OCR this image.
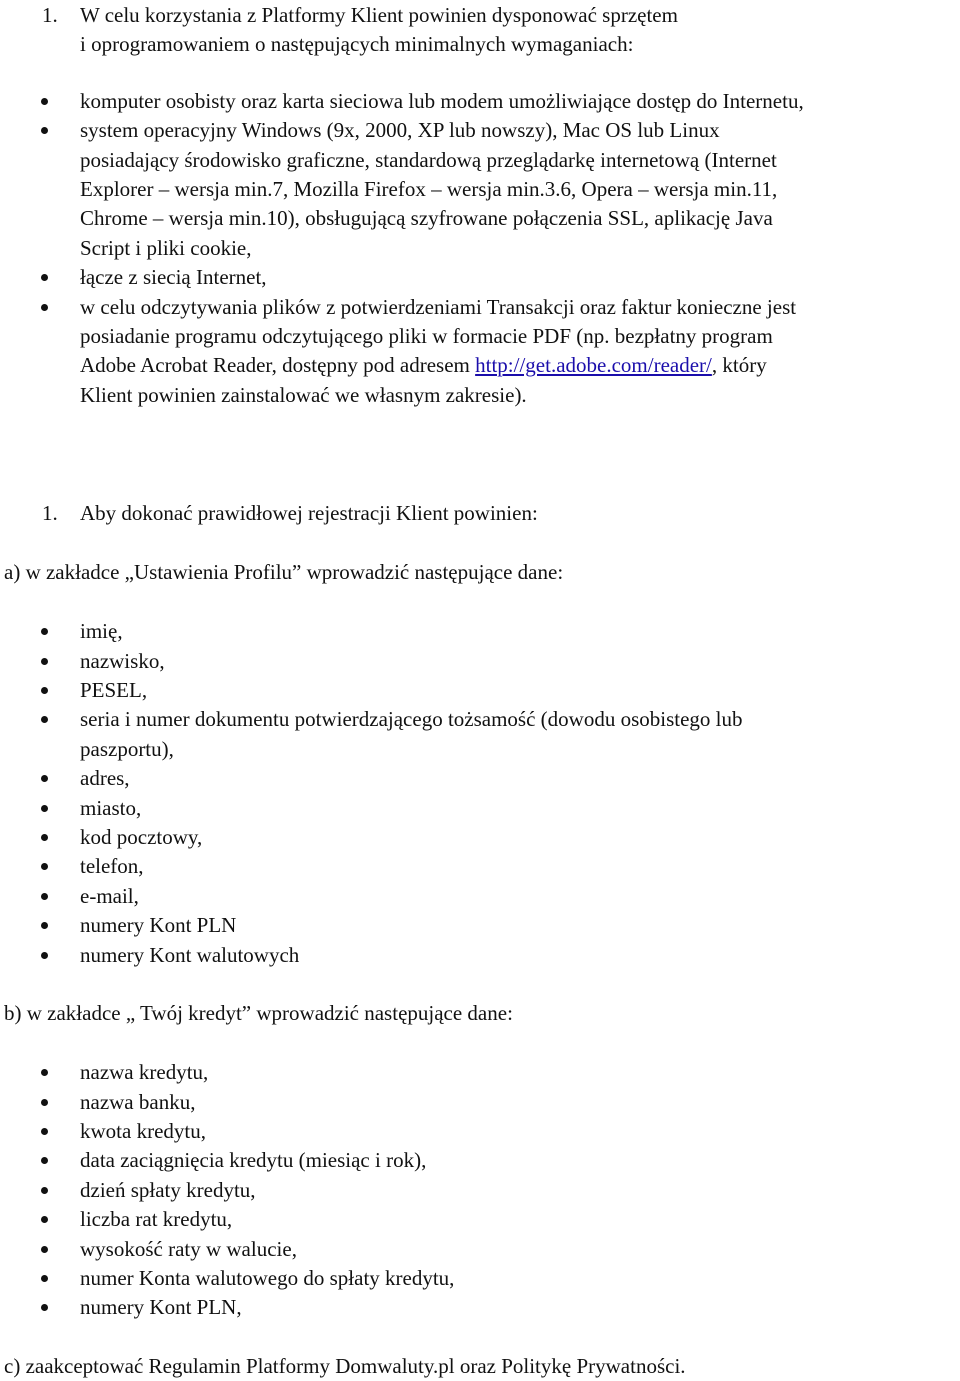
1. W celu korzystania z Platformy Klient powinien dysponować sprzętem
i oprogramowaniem o następujących minimalnych wymaganiach:
komputer osobisty oraz karta sieciowa lub modem umożliwiające dostęp do Internetu,
system operacyjny Windows (9x, 2000, XP lub nowszy), Mac OS lub Linux
posiadający środowisko graficzne, standardową przeglądarkę internetową (Internet
Explorer – wersja min.7, Mozilla Firefox – wersja min.3.6, Opera – wersja min.11,
Chrome – wersja min.10), obsługującą szyfrowane połączenia SSL, aplikację Java
Script i pliki cookie,
łącze z siecią Internet,
w celu odczytywania plików z potwierdzeniami Transakcji oraz faktur konieczne jest
posiadanie programu odczytującego pliki w formacie PDF (np. bezpłatny program
Adobe Acrobat Reader, dostępny pod adresem http://get.adobe.com/reader/, który
Klient powinien zainstalować we własnym zakresie).
1. Aby dokonać prawidłowej rejestracji Klient powinien:
a) w zakładce „Ustawienia Profilu” wprowadzić następujące dane:
imię,
nazwisko,
PESEL,
seria i numer dokumentu potwierdzającego tożsamość (dowodu osobistego lub
paszportu),
adres,
miasto,
kod pocztowy,
telefon,
e-mail,
numery Kont PLN
numery Kont walutowych
b) w zakładce „ Twój kredyt” wprowadzić następujące dane:
nazwa kredytu,
nazwa banku,
kwota kredytu,
data zaciągnięcia kredytu (miesiąc i rok),
dzień spłaty kredytu,
liczba rat kredytu,
wysokość raty w walucie,
numer Konta walutowego do spłaty kredytu,
numery Kont PLN,
c) zaakceptować Regulamin Platformy Domwaluty.pl oraz Politykę Prywatności.
